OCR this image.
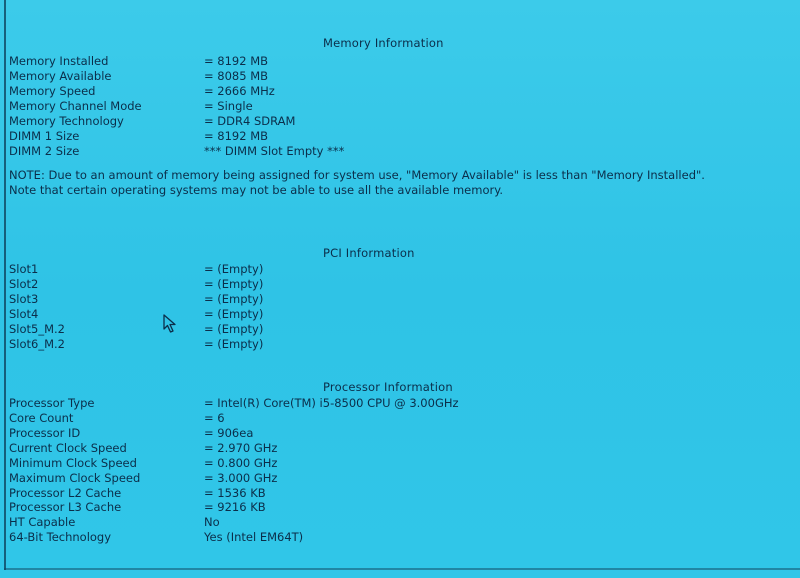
Memory Information
Memory Installed	= 8192 MB
Memory Available	= 8085 MB
Memory Speed	= 2666 MHz
Memory Channel Mode	= Single
Memory Technology	= DDR4 SDRAM
DIMM 1 Size	= 8192 MB
DIMM 2 Size	*** DIMM Slot Empty ***
NOTE: Due to an amount of memory being assigned for system use, "Memory Available" is less than "Memory Installed". Note that certain operating systems may not be able to use all the available memory.
PCI Information
Slot1	= (Empty)
Slot2	= (Empty)
Slot3	= (Empty)
Slot4	= (Empty)
Slot5_M.2	= (Empty)
Slot6_M.2	= (Empty)
Processor Information
Processor Type	= Intel(R) Core(TM) i5-8500 CPU @ 3.00GHz
Core Count	= 6
Processor ID	= 906ea
Current Clock Speed	= 2.970 GHz
Minimum Clock Speed	= 0.800 GHz
Maximum Clock Speed	= 3.000 GHz
Processor L2 Cache	= 1536 KB
Processor L3 Cache	= 9216 KB
HT Capable	No
64-Bit Technology	Yes (Intel EM64T)
